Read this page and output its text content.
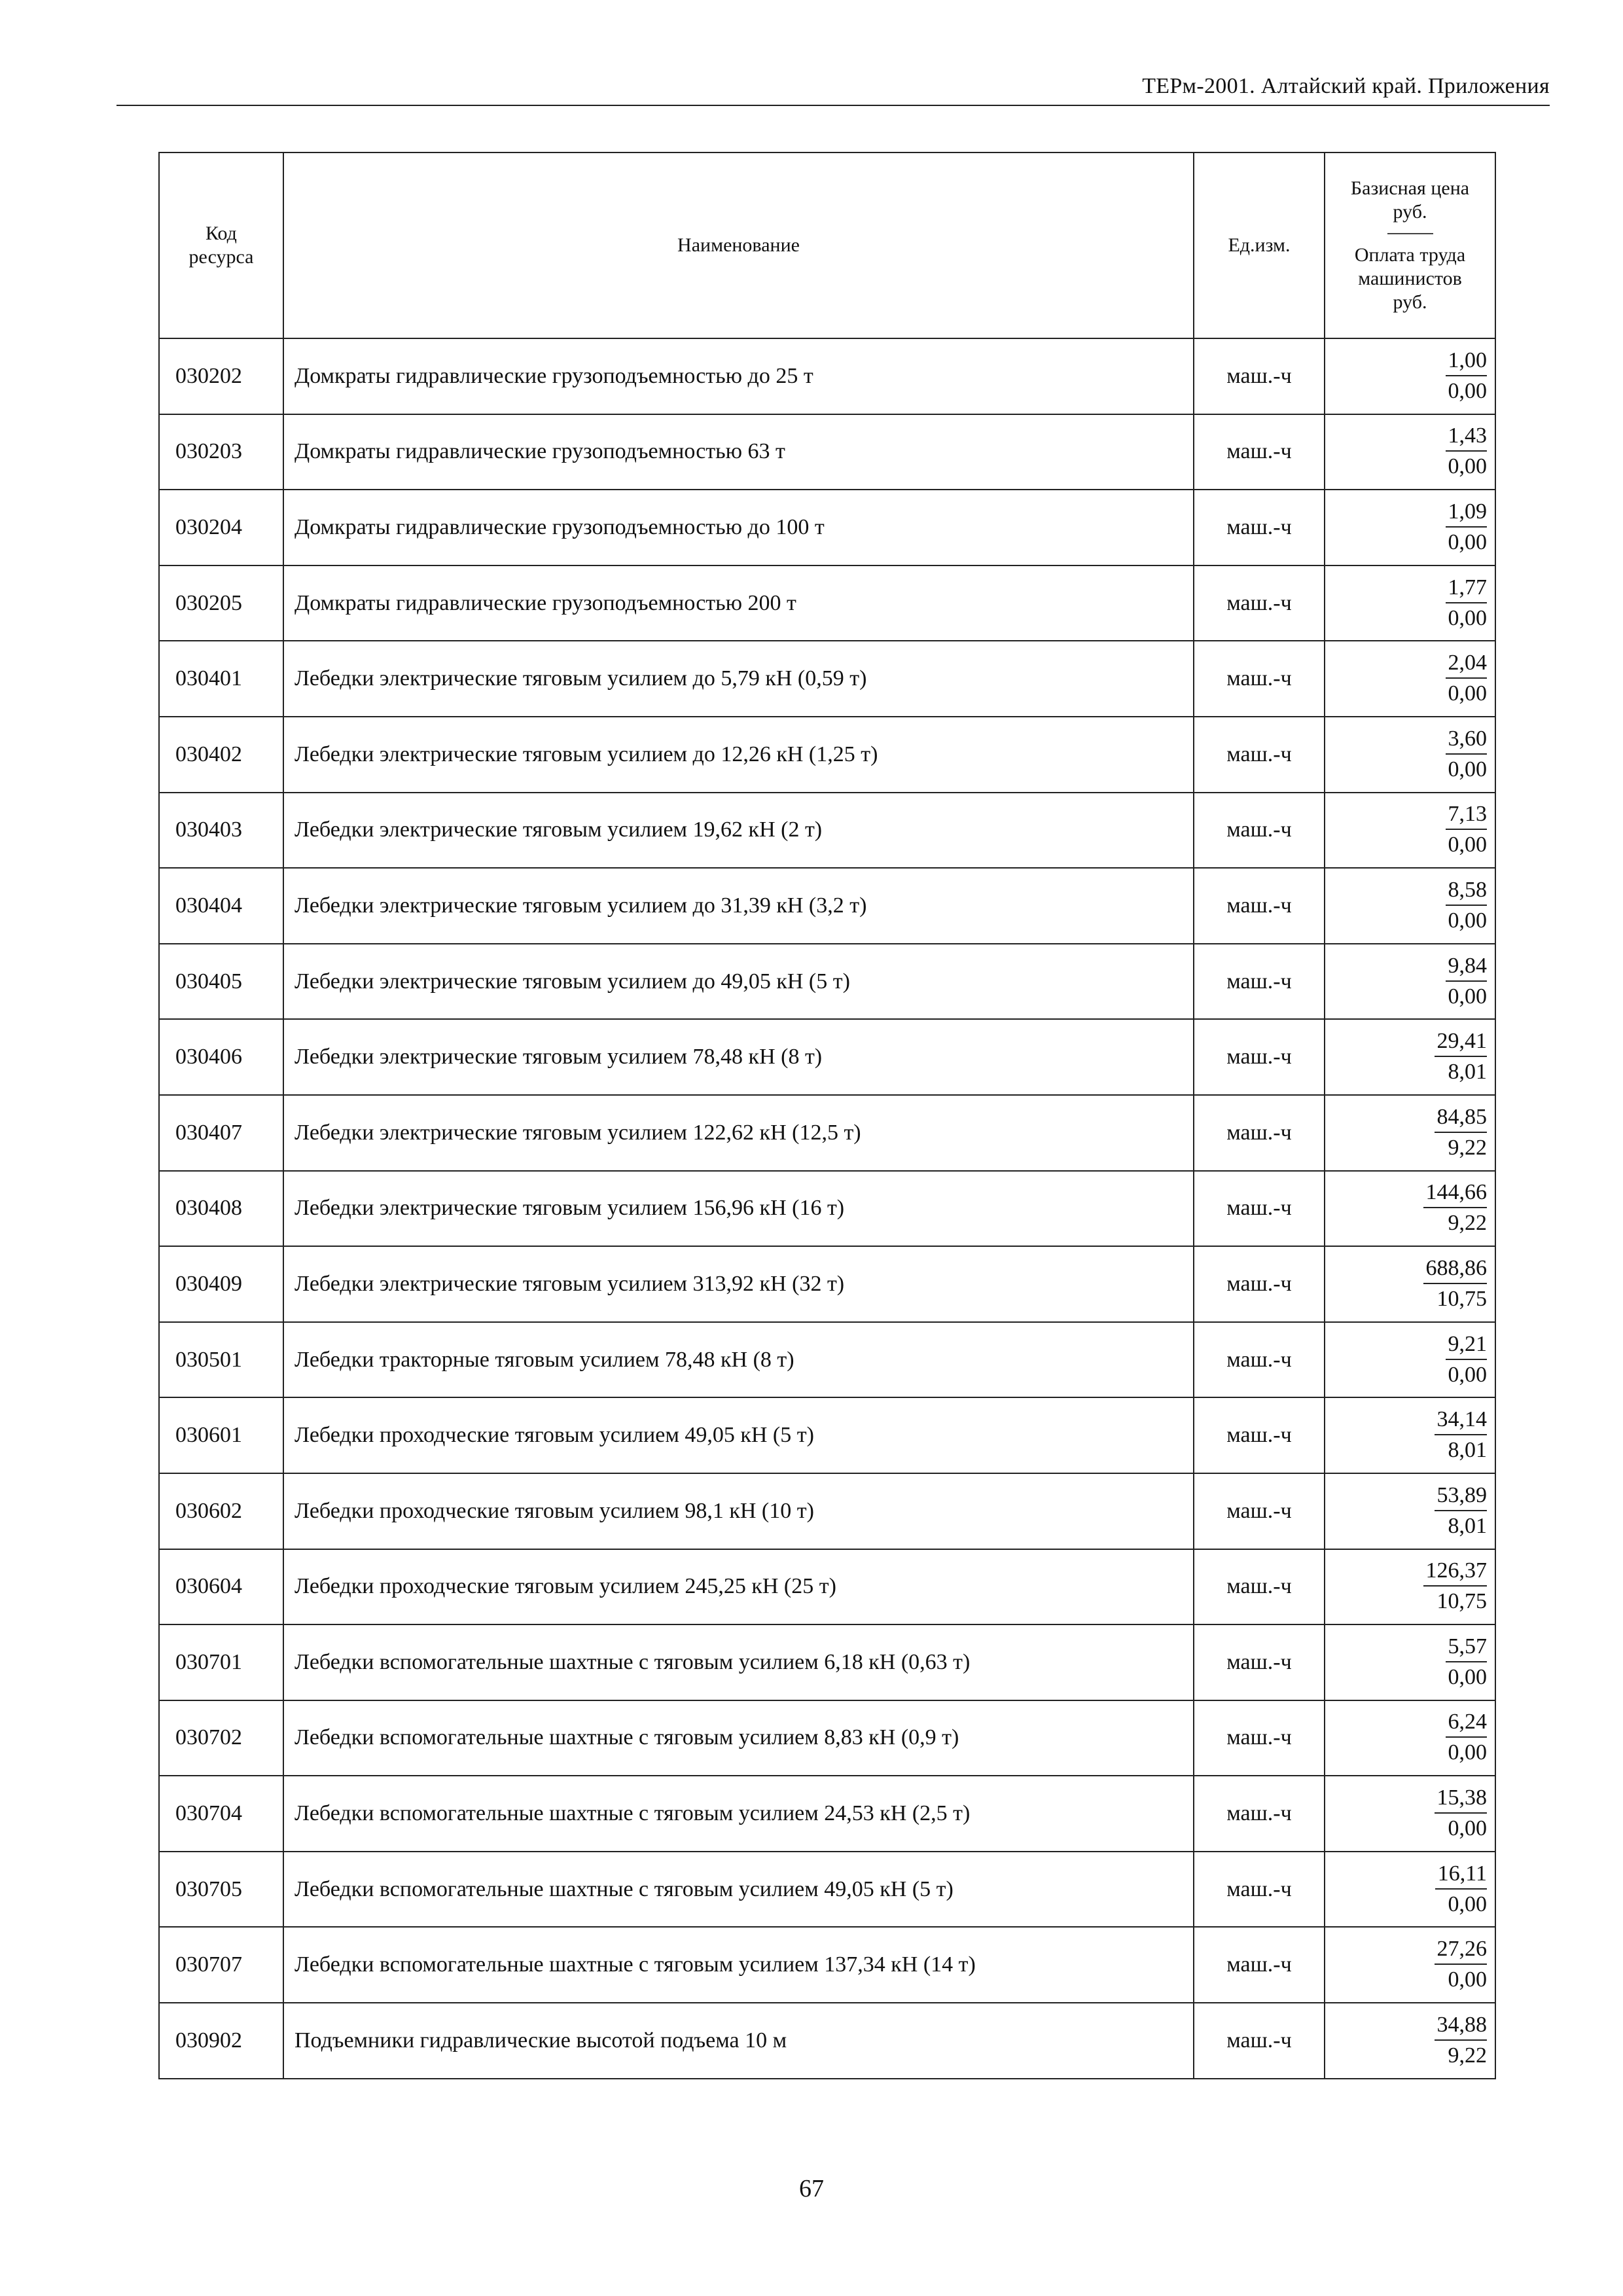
ТЕРм-2001. Алтайский край. Приложения
Код ресурса	Наименование	Ед.изм.	Базисная цена руб.
Оплата труда
машинистов
руб.

030202	Домкраты гидравлические грузоподъемностью до 25 т	маш.-ч	$\frac{1,00}{0,00}$

030203	Домкраты гидравлические грузоподъемностью 63 т	маш.-ч	$\frac{1,43}{0,00}$

030204	Домкраты гидравлические грузоподъемностью до 100 т	маш.-ч	$\frac{1,09}{0,00}$

030205	Домкраты гидравлические грузоподъемностью 200 т	маш.-ч	$\frac{1,77}{0,00}$

030401	Лебедки электрические тяговым усилием до 5,79 кН (0,59 т)	маш.-ч	$\frac{2,04}{0,00}$

030402	Лебедки электрические тяговым усилием до 12,26 кН (1,25 т)	маш.-ч	$\frac{3,60}{0,00}$

030403	Лебедки электрические тяговым усилием 19,62 кН (2 т)	маш.-ч	$\frac{7,13}{0,00}$

030404	Лебедки электрические тяговым усилием до 31,39 кН (3,2 т)	маш.-ч	$\frac{8,58}{0,00}$

030405	Лебедки электрические тяговым усилием до 49,05 кН (5 т)	маш.-ч	$\frac{9,84}{0,00}$

030406	Лебедки электрические тяговым усилием 78,48 кН (8 т)	маш.-ч	$\frac{29,41}{8,01}$

030407	Лебедки электрические тяговым усилием 122,62 кН (12,5 т)	маш.-ч	$\frac{84,85}{9,22}$

030408	Лебедки электрические тяговым усилием 156,96 кН (16 т)	маш.-ч	$\frac{144,66}{9,22}$

030409	Лебедки электрические тяговым усилием 313,92 кН (32 т)	маш.-ч	$\frac{688,86}{10,75}$

030501	Лебедки тракторные тяговым усилием 78,48 кН (8 т)	маш.-ч	$\frac{9,21}{0,00}$

030601	Лебедки проходческие тяговым усилием 49,05 кН (5 т)	маш.-ч	$\frac{34,14}{8,01}$

030602	Лебедки проходческие тяговым усилием 98,1 кН (10 т)	маш.-ч	$\frac{53,89}{8,01}$

030604	Лебедки проходческие тяговым усилием 245,25 кН (25 т)	маш.-ч	$\frac{126,37}{10,75}$

030701	Лебедки вспомогательные шахтные с тяговым усилием 6,18 кН (0,63 т)	маш.-ч	$\frac{5,57}{0,00}$

030702	Лебедки вспомогательные шахтные с тяговым усилием 8,83 кН (0,9 т)	маш.-ч	$\frac{6,24}{0,00}$

030704	Лебедки вспомогательные шахтные с тяговым усилием 24,53 кН (2,5 т)	маш.-ч	$\frac{15,38}{0,00}$

030705	Лебедки вспомогательные шахтные с тяговым усилием 49,05 кН (5 т)	маш.-ч	$\frac{16,11}{0,00}$

030707	Лебедки вспомогательные шахтные с тяговым усилием 137,34 кН (14 т)	маш.-ч	$\frac{27,26}{0,00}$

030902	Подъемники гидравлические высотой подъема 10 м	маш.-ч	$\frac{34,88}{9,22}$
67
